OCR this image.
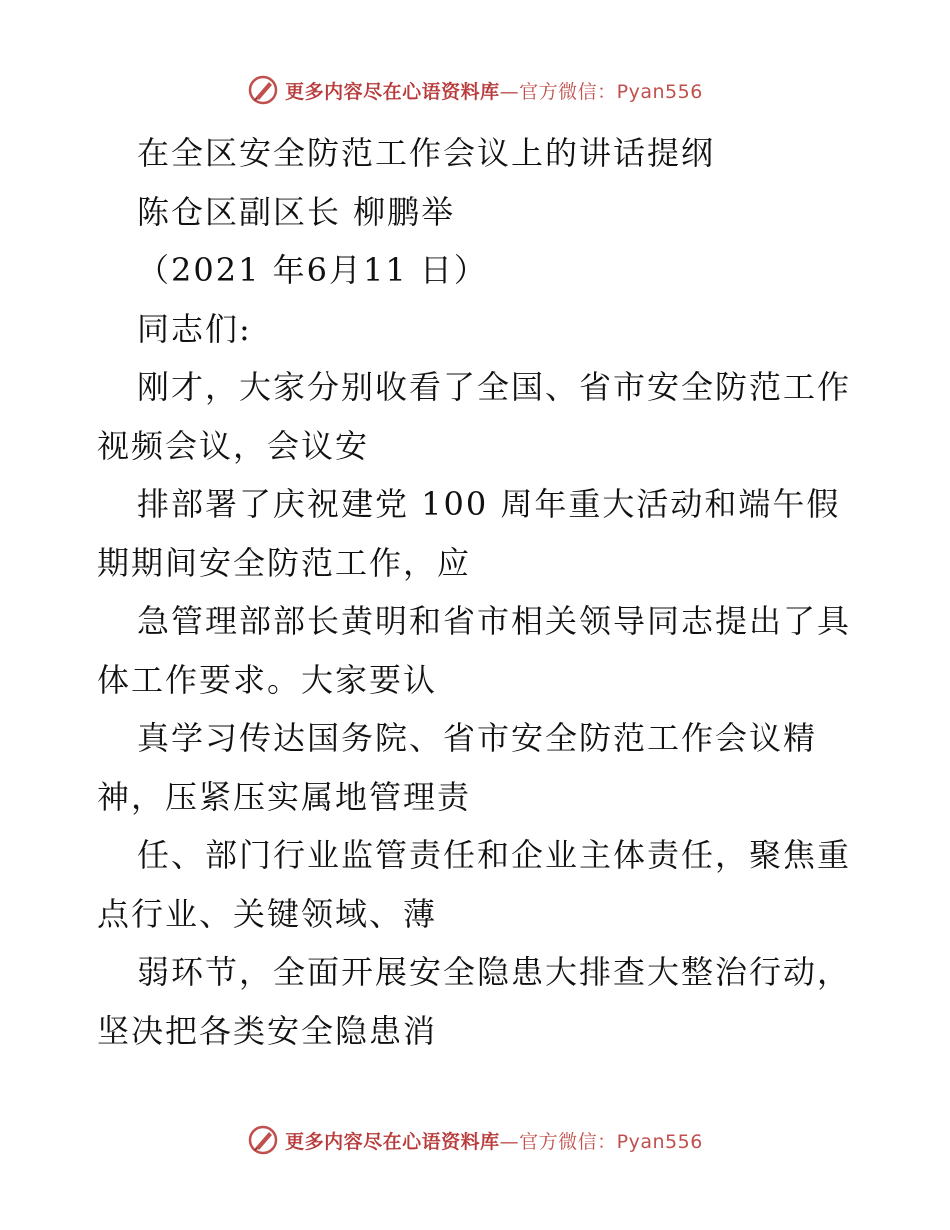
更多内容尽在心语资料库—官方微信：Pyan556
在全区安全防范工作会议上的讲话提纲
陈仓区副区长 柳鹏举
（2021 年6月11 日）
同志们:
刚才，大家分别收看了全国、省市安全防范工作
视频会议，会议安
排部署了庆祝建党 100 周年重大活动和端午假
期期间安全防范工作，应
急管理部部长黄明和省市相关领导同志提出了具
体工作要求。大家要认
真学习传达国务院、省市安全防范工作会议精
神，压紧压实属地管理责
任、部门行业监管责任和企业主体责任，聚焦重
点行业、关键领域、薄
弱环节，全面开展安全隐患大排查大整治行动，
坚决把各类安全隐患消
更多内容尽在心语资料库—官方微信：Pyan556
